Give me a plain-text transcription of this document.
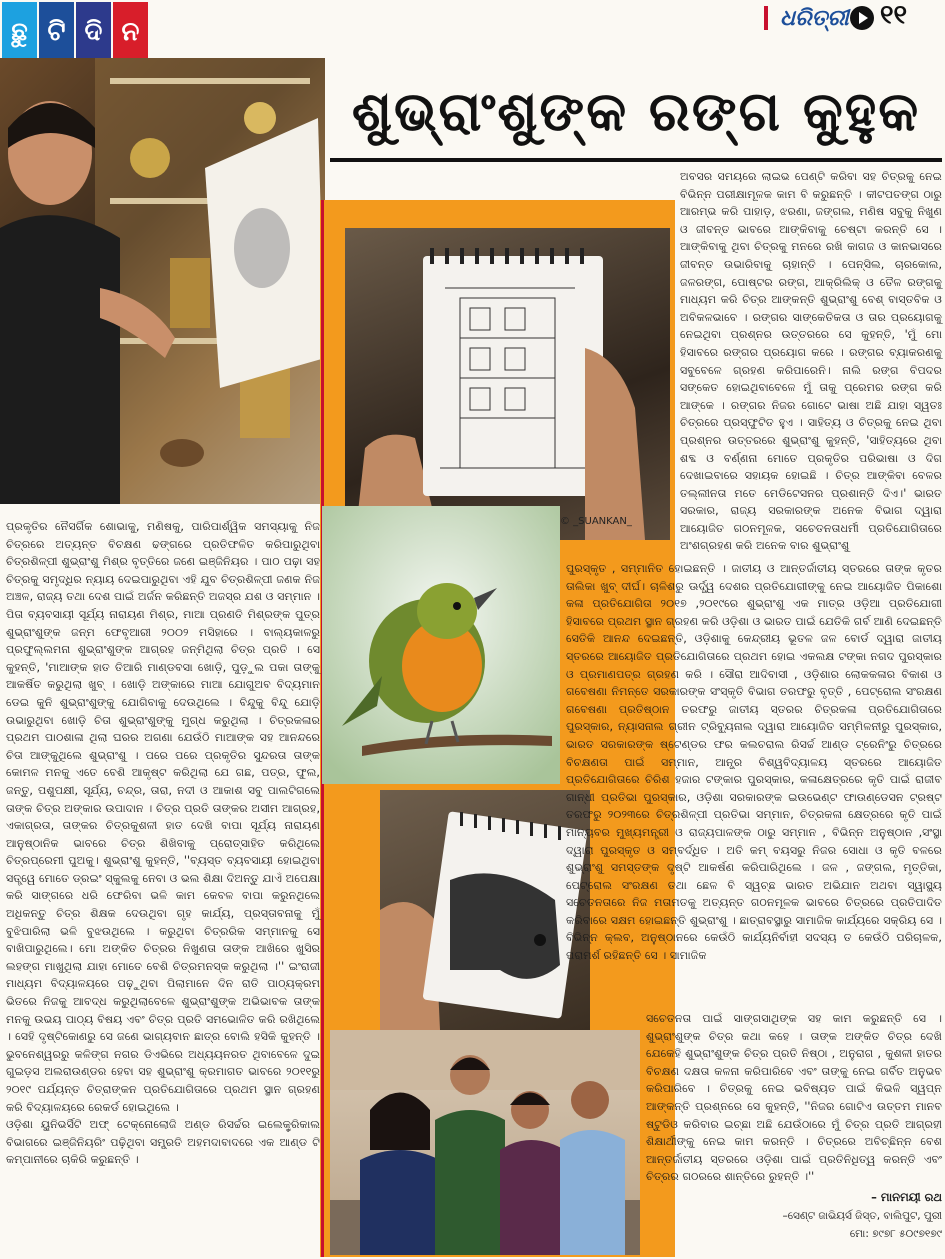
ଛୁ ଟି ଦି ନ	ଧରିତ୍ରୀ ୧୧
ଶୁଭ୍ରାଂଶୁଙ୍କ ରଙ୍ଗ କୁହୁକ
© _SUANKAN_

ପ୍ରକୃତିର ନୈସର୍ଗିକ ଶୋଭାକୁ, ମଣିଷକୁ, ପାରିପାର୍ଶ୍ୱିକ ସମସ୍ୟାକୁ ନିଜ ଚିତ୍ରରେ ଅତ୍ୟନ୍ତ ବିଚକ୍ଷଣ ଢଙ୍ଗରେ ପ୍ରତିଫଳିତ କରିପାରୁଥିବା ଚିତ୍ରଶିଳ୍ପୀ ଶୁଭ୍ରାଂଶୁ ମିଶ୍ର ବୃତ୍ତିରେ ଜଣେ ଇଞ୍ଜିନିୟର । ପାଠ ପଢ଼ା ସହ ଚିତ୍ରକୁ ସମୃଦ୍ଧିର ନ୍ୟାୟ ଦେଇପାରୁଥିବା ଏହି ଯୁବ ଚିତ୍ରଶିଳ୍ପୀ ଜଣକ ନିଜ ଅଞ୍ଚଳ, ରାଜ୍ୟ ତଥା ଦେଶ ପାଇଁ ଅର୍ଜନ କରିଛନ୍ତି ଅଜସ୍ର ଯଶ ଓ ସମ୍ମାନ । ପିତା ବ୍ୟବସାୟୀ ସୂର୍ଯ୍ୟ ନାରାୟଣ ମିଶ୍ର, ମାଆ ପ୍ରଣତି ମିଶ୍ରଙ୍କ ପୁତ୍ର ଶୁଭ୍ରାଂଶୁଙ୍କ ଜନ୍ମ ଫେବୃଆରୀ ୨୦୦୨ ମସିହାରେ । ବାଲ୍ୟକାଳରୁ ପ୍ରଫୁଲ୍ଲମନା ଶୁଭ୍ରାଂଶୁଙ୍କ ଆଗ୍ରହ ଜନ୍ମିଥିଲା ଚିତ୍ର ପ୍ରତି । ସେ କୁହନ୍ତି, 'ମାଆଙ୍କ ହାତ ତିଆରି ମାଣ୍ଡବସା ଖୋଡ଼ି, ପୁଡ଼ୁଲ ପକା ତାଙ୍କୁ ଆକର୍ଷିତ କରୁଥିଲା ଖୁବ୍ । ଖୋଡ଼ି ଅଙ୍କାରେ ମାଆ ଯୋଗୁଅବ ବିଦ୍ୟମାନ ଡେଇ କୁନି ଶୁଭ୍ରାଂଶୁଙ୍କୁ ଯୋଗିବାକୁ ଦେଉଥିଲେ । ବିନ୍ଦୁକୁ ବିନ୍ଦୁ ଯୋଡ଼ି ଉଭାରୁଥିବା ଖୋଡ଼ି ଚିତା ଶୁଭ୍ରାଂଶୁଙ୍କୁ ମୁଗ୍ଧ କରୁଥିଲା । ଚିତ୍ରକଳାର ପ୍ରଥମ ପାଠଶାଳା ଥିଲା ଘରର ଅଗଣା ଯେଉଁଠି ମାଆଙ୍କ ସହ ଆନନ୍ଦରେ ଚିତା ଆଙ୍କୁଥିଲେ ଶୁଭ୍ରାଂଶୁ । ପରେ ପରେ ପ୍ରକୃତିର ସୁନ୍ଦରତା ତାଙ୍କ କୋମଳ ମନକୁ ଏତେ ବେଶି ଆକୃଷ୍ଟ କରିଥିଲା ଯେ ଗଛ, ପତ୍ର, ଫୁଲ, ଜନ୍ତୁ, ପଶୁପକ୍ଷୀ, ସୂର୍ଯ୍ୟ, ଚନ୍ଦ୍ର, ତାରା, ନଦୀ ଓ ଆକାଶ ସବୁ ପାଲଟିଗଲେ ତାଙ୍କ ଚିତ୍ର ଅଙ୍କାର ଉପାଦାନ । ଚିତ୍ର ପ୍ରତି ତାଙ୍କର ଅସୀମ ଆଗ୍ରହ, ଏକାଗ୍ରତା, ତାଙ୍କର ଚିତ୍ରକୁଶଳୀ ହାତ ଦେଖି ବାପା ସୂର୍ଯ୍ୟ ନାରାୟଣ ଆନୁଷ୍ଠାନିକ ଭାବରେ ଚିତ୍ର ଶିଖିବାକୁ ପ୍ରୋତ୍ସାହିତ କରିଥିଲେ ଚିତ୍ରପ୍ରେମୀ ପୁଅକୁ। ଶୁଭ୍ରାଂଶୁ କୁହନ୍ତି, ''ବ୍ୟସ୍ତ ବ୍ୟବସାୟୀ ହୋଇଥିବା ସତ୍ତ୍ୱେ ମୋତେ ଡ୍ରଇଂ ସ୍କୁଲକୁ ନେବା ଓ ଭଲ ଶିକ୍ଷା ଦିଅନ୍ତୁ ଯାଏଁ ଅପେକ୍ଷା କରି ସାଙ୍ଗରେ ଧରି ଫେରିବା ଭଳି କାମ କେବଳ ବାପା କରୁନଥିଲେ ଅଧିକନ୍ତୁ ଚିତ୍ର ଶିକ୍ଷକ ଦେଉଥିବା ଗୃହ କାର୍ଯ୍ୟ, ପ୍ରସ୍ତାବନାକୁ ମୁଁ ବୁଝିପାରିଲା ଭଳି ବୁଝଉଥିଲେ । କରୁଥିବା ଚିତ୍ରରିକ ସମ୍ମାନକୁ ସେ ବାଖିପାରୁଥିଲେ। ମୋ ଅଙ୍କିତ ଚିତ୍ରର ନିଖୁଣତା ତାଙ୍କ ଆଖିରେ ଖୁସିର ଲହଙ୍ଗ ମାଖୁଥିଲା ଯାହା ମୋତେ ବେଶି ଚିତ୍ରମନସ୍କ କରୁଥିଲା ।'' ଇଂରାଜୀ ମାଧ୍ୟମ ବିଦ୍ୟାଳୟରେ ପଢ଼ୁଥିବା ପିଲାମାନେ ଦିନ ରାତି ପାଠ୍ୟକ୍ରମ ଭିତରେ ନିଜକୁ ଆବଦ୍ଧ କରୁଥିଲାବେଳେ ଶୁଭ୍ରାଂଶୁଙ୍କ ଅଭିଭାବକ ତାଙ୍କ ମନକୁ ଉଭୟ ପାଠ୍ୟ ବିଷୟ ଏବଂ ଚିତ୍ର ପ୍ରତି ସମଭୋଳିତ କରି ରଖିଥିଲେ । ସେହି ଦୃଷ୍ଟିକୋଣରୁ ସେ ଜଣେ ଭାଗ୍ୟବାନ ଛାତ୍ର ବୋଲି ହସିକି କୁହନ୍ତି । ଭୁବନେଶ୍ୱରରୁ କଳିଙ୍ଗ ନଗର ଡିଏଭିରେ ଅଧ୍ୟୟନରତ ଥିବାବେଳେ ଦୁଇ ଗୁଇଡ଼ସ ଅଲରାଉଣ୍ଡର ହେବା ସହ ଶୁଭ୍ରାଂଶୁ କ୍ରମାଗତ ଭାବରେ ୨୦୧୧ରୁ ୨୦୧୯ ପର୍ଯ୍ୟନ୍ତ ଚିତ୍ରାଙ୍କନ ପ୍ରତିଯୋଗିତାରେ ପ୍ରଥମ ସ୍ଥାନ ଗ୍ରହଣ କରି ବିଦ୍ୟାଳୟରେ ରେକର୍ଡ ହୋଇଥିଲେ ।
ଓଡ଼ିଶା ୟୁନିଭର୍ସିଟି ଅଫ୍ ଟେକ୍ନୋଲୋଜି ଅଣ୍ଡ ରିସର୍ଚ୍ଚର ଇଲେକ୍ଟ୍ରିକାଲ ବିଭାଗରେ ଇଞ୍ଜିନିୟରିଂ ପଢ଼ିଥିବା ସମ୍ପ୍ରତି ଅହମଦାବାଦରେ ଏକ ଆଣ୍ଡ ଟି କମ୍ପାନୀରେ ଚାକିରି କରୁଛନ୍ତି ।

ଅବସର ସମୟରେ ଲାଇଭ ପେଣ୍ଟି କରିବା ସହ ଚିତ୍ରକୁ ନେଇ ବିଭିନ୍ନ ପରୀକ୍ଷାମୂଳକ କାମ ବି କରୁଛନ୍ତି । କୀଟପତଙ୍ଗ ଠାରୁ ଆରମ୍ଭ କରି ପାହାଡ଼, ଝରଣା, ଜଙ୍ଗଲ, ମଣିଷ ସବୁକୁ ନିଖୁଣ ଓ ଜୀବନ୍ତ ଭାବରେ ଆଙ୍କିବାକୁ ଚେଷ୍ଟା କରନ୍ତି ସେ । ଆଙ୍କିବାକୁ ଥିବା ଚିତ୍ରକୁ ମନରେ ରଖି କାଗଜ ଓ କାନଭାସରେ ଜୀବନ୍ତ ଉଭାରିବାକୁ ଚାହାନ୍ତି । ପେନ୍‌ସିଲ, ଚାରକୋଲ, ଜଳରଙ୍ଗ, ପୋଷ୍ଟର ରଙ୍ଗ, ଆକ୍ରିଲିକ୍ ଓ ତୈଳ ରଙ୍ଗକୁ ମାଧ୍ୟମ କରି ଚିତ୍ର ଆଙ୍କନ୍ତି ଶୁଭ୍ରାଂଶୁ ବେଶ୍ ବାସ୍ତବିକ ଓ ଅବିକଳଭାବେ । ରଙ୍ଗର ସାଙ୍କେତିକତା ଓ ତାର ପ୍ରୟୋଗକୁ ନେଇଥିବା ପ୍ରଶ୍ନର ଉତ୍ତରରେ ସେ କୁହନ୍ତି, 'ମୁଁ ମୋ ହିସାବରେ ରଙ୍ଗର ପ୍ରୟୋଗ କରେ । ରଙ୍ଗର ବ୍ୟାକରଣକୁ ସବୁବେଳେ ଗ୍ରହଣ କରିପାରେନି। ନାଲି ରଙ୍ଗ ବିପଦର ସଙ୍କେତ ହୋଇଥିବାବେଳେ ମୁଁ ତାକୁ ପ୍ରେମର ରଙ୍ଗ କରି ଆଙ୍କେ । ରଙ୍ଗର ନିଜର ଗୋଟେ ଭାଷା ଅଛି ଯାହା ସ୍ୱତଃ ଚିତ୍ରରେ ପ୍ରସ୍ଫୁଟିତ ହୁଏ । ସାହିତ୍ୟ ଓ ଚିତ୍ରକୁ ନେଇ ଥିବା ପ୍ରଶ୍ନର ଉତ୍ତରରେ ଶୁଭ୍ରାଂଶୁ କୁହନ୍ତି, 'ସାହିତ୍ୟରେ ଥିବା ଶବ୍ଦ ଓ ବର୍ଣ୍ଣନା ମୋତେ ପ୍ରକୃତିର ପରିଭାଷା ଓ ଦିଗ ଦେଖାଇବାରେ ସହାୟକ ହୋଇଛି । ଚିତ୍ର ଆଙ୍କିବା ବେଳର ତଲ୍ଲୀନତା ମତେ ମେଡିଟେସନର ପ୍ରଶାନ୍ତି ଦିଏ।' ଭାରତ ସରକାର, ରାଜ୍ୟ ସରକାରଙ୍କ ଅନେକ ବିଭାଗ ଦ୍ୱାରା ଆୟୋଜିତ ଗଠନମୂଳକ, ସଚେତନତାଧର୍ମୀ ପ୍ରତିଯୋଗିତାରେ ଅଂଶଗ୍ରହଣ କରି ଅନେକ ବାର ଶୁଭ୍ରାଂଶୁ

ପୁରସ୍କୃତ , ସମ୍ମାନିତ ହୋଇଛନ୍ତି । ଜାତୀୟ ଓ ଆନ୍ତର୍ଜାତୀୟ ସ୍ତରରେ ତାଙ୍କ କୃତର ତାଲିକା ଖୁବ୍ ଦୀର୍ଘ। ଚାଳିଶରୁ ଊର୍ଦ୍ଧ୍ୱ ଦେଶର ପ୍ରତିଯୋଗୀଙ୍କୁ ନେଇ ଆୟୋଜିତ ପିକାଶୋ କଳା ପ୍ରତିଯୋଗିତା ୨୦୧୭ ,୨୦୧୯ରେ ଶୁଭ୍ରାଂଶୁ ଏକ ମାତ୍ର ଓଡ଼ିଆ ପ୍ରତିଯୋଗୀ ହିସାବରେ ପ୍ରଥମ ସ୍ଥାନ ଗ୍ରହଣ କରି ଓଡ଼ିଶା ଓ ଭାରତ ପାଇଁ ଯେତିକି ଗର୍ବ ଆଣି ଦେଇଛନ୍ତି ସେତିକି ଆନନ୍ଦ ଦେଇଛନ୍ତି, ଓଡ଼ିଶାକୁ କେନ୍ଦ୍ରୀୟ ଭୂତଳ ଜଳ ବୋର୍ଡ ଦ୍ୱାରା ଜାତୀୟ ସ୍ତରରେ ଆୟୋଜିତ ପ୍ରତିଯୋଗିତାରେ ପ୍ରଥମ ହୋଇ ଏକଲକ୍ଷ ଟଙ୍କା ନଗଦ ପୁରସ୍କାର ଓ ପ୍ରମାଣପତ୍ର ଗ୍ରହଣ କରି । ସୌରା ଆଦିବାସୀ , ଓଡ଼ିଶାର ଲୋକକଳାର ବିକାଶ ଓ ଗବେଷଣା ନିମନ୍ତେ ସରକାରଙ୍କ ସଂସ୍କୃତି ବିଭାଗ ତରଫରୁ ବୃତ୍ତି , ପେଟ୍ରୋଲ ସଂରକ୍ଷଣ ଗବେଷଣା ପ୍ରତିଷ୍ଠାନ ତରଫରୁ ଜାତୀୟ ସ୍ତରର ଚିତ୍ରକଳା ପ୍ରତିଯୋଗିତାରେ ପୁରସ୍କାର, ନ୍ୟାସନାଲ ଗ୍ରୀନ ଟ୍ରିବ୍ୟୁନାଲ ଦ୍ୱାରା ଆୟୋଜିତ ସମ୍ମିଳନୀରୁ ପୁରସ୍କାର, ଭାରତ ସରକାରଙ୍କ ଷ୍ଟେଣ୍ଡର ଫର କଲଚରାଲ ରିସର୍ଚ୍ଚ ଆଣ୍ଡ ଟ୍ରେନିଂରୁ ଚିତ୍ରରେ ବିଚକ୍ଷଣତା ପାଇଁ ସମ୍ମାନ, ଆନ୍ଧ୍ର ବିଶ୍ୱବିଦ୍ୟାଳୟ ସ୍ତରରେ ଆୟୋଜିତ ପ୍ରତିଯୋଗିତାରେ ଚିରିଶ ହଜାର ଟଙ୍କାର ପୁରସ୍କାର, କଳାକ୍ଷେତ୍ରରେ କୃତି ପାଇଁ ରାଜୀବ ଗାନ୍ଧୀ ପ୍ରତିଭା ପୁରସ୍କାର, ଓଡ଼ିଶା ସରକାରଙ୍କ ଇଉଭେଣ୍ଟ ଫାଉଣ୍ଡେସନ ଟ୍ରଷ୍ଟ ତରଫରୁ ୨୦୨୩ରେ ଚିତ୍ରଶିଳ୍ପୀ ପ୍ରତିଭା ସମ୍ମାନ, ଚିତ୍ରକଳା କ୍ଷେତ୍ରରେ କୃତି ପାଇଁ ମାନ୍ୟବର ମୁଖ୍ୟମନ୍ତ୍ରୀ ଓ ରାଜ୍ୟପାଳଙ୍କ ଠାରୁ ସମ୍ମାନ , ବିଭିନ୍ନ ଅନୁଷ୍ଠାନ ,ସଂସ୍ଥା ଦ୍ୱାରା ପୁରସ୍କୃତ ଓ ସମ୍ବର୍ଦ୍ଧିତ । ଅତି କମ୍ ବୟସରୁ ନିଜର ସୋଧା ଓ କୃତି ବଳରେ ଶୁଭ୍ରାଂଶୁ ସମସ୍ତଙ୍କ ଦୃଷ୍ଟି ଆକର୍ଷଣ କରିପାରିଥିଲେ । ଜଳ , ଜଙ୍ଗଲ, ମୃତ୍ତିକା, ପେଟ୍ରୋଲ ସଂରକ୍ଷଣ ତଥା ଛେଳ ବି ସ୍ୱଚ୍ଛ ଭାରତ ଅଭିଯାନ ଅଥବା ସ୍ୱାସ୍ଥ୍ୟ ସଚେତନତାରେ ନିଜ ମତାମତକୁ ଅତ୍ୟନ୍ତ ଗଠନମୂଳକ ଭାବରେ ଚିତ୍ରରେ ପ୍ରତିପାଦିତ କରିବାରେ ସକ୍ଷମ ହୋଇଛନ୍ତି ଶୁଭ୍ରାଂଶୁ । ଛାତ୍ରାବସ୍ଥାରୁ ସାମାଜିକ କାର୍ଯ୍ୟରେ ସକ୍ରିୟ ସେ । ବିଭିନ୍ନ କ୍ଲବ, ଅନୁଷ୍ଠାନରେ କେଉଁଠି କାର୍ଯ୍ୟନିର୍ବାହୀ ସଦସ୍ୟ ତ କେଉଁଠି ପରିଚାଳକ, ପରାମର୍ଶ ରହିଛନ୍ତି ସେ । ସାମାଜିକ

ସଚେତନତା ପାଇଁ ସାଙ୍ଗସାଥିଙ୍କ ସହ କାମ କରୁଛନ୍ତି ସେ । ଶୁଭ୍ରାଂଶୁଙ୍କ ଚିତ୍ର କଥା କହେ । ତାଙ୍କ ଅଙ୍କିତ ଚିତ୍ର ଦେଖି ଯେକେହି ଶୁଭ୍ରାଂଶୁଙ୍କ ଚିତ୍ର ପ୍ରତି ନିଷ୍ଠା , ଅନୁରାଗ , କୁଶଳୀ ହାତର ବିଚକ୍ଷଣ ଦକ୍ଷତା କଳନା କରିପାରିବେ ଏବଂ ତାଙ୍କୁ ନେଇ ଗର୍ବିତ ଅନୁଭବ କରିପାରିବେ । ଚିତ୍ରକୁ ନେଇ ଭବିଷ୍ୟତ ପାଇଁ କିଭଳି ସ୍ୱପ୍ନ ଆଙ୍କନ୍ତି ପ୍ରଶ୍ନରେ ସେ କୁହନ୍ତି, ''ନିଜର ଗୋଟିଏ ଉତ୍ତମ ମାନବ ଷ୍ଟୁଡିଓ କରିବାର ଇଚ୍ଛା ଅଛି ଯେଉଁଠାରେ ମୁଁ ଚିତ୍ର ପ୍ରତି ଆଗ୍ରହୀ ଶିକ୍ଷାର୍ଥୀଙ୍କୁ ନେଇ କାମ କରନ୍ତି । ଚିତ୍ରରେ ଅବିଚ୍ଛିନ୍ନ ବେଶ ଆନ୍ତର୍ଜାତୀୟ ସ୍ତରରେ ଓଡ଼ିଶା ପାଇଁ ପ୍ରତିନିଧିତ୍ୱ କରନ୍ତି ଏବଂ ଚିତ୍ରର ଗଠରରେ ଶାନ୍ତିରେ ରୁହନ୍ତି ।''

– ମାନମୟୀ ରଥ
–ସେଣ୍ଟ ଜାଭିୟର୍ସ ଜିସ୍ତ, ବାଲିପୁଟ, ପୁରୀ
ମୋ: ୭୯୭୮ ୫୦୯୭୧୭୯
